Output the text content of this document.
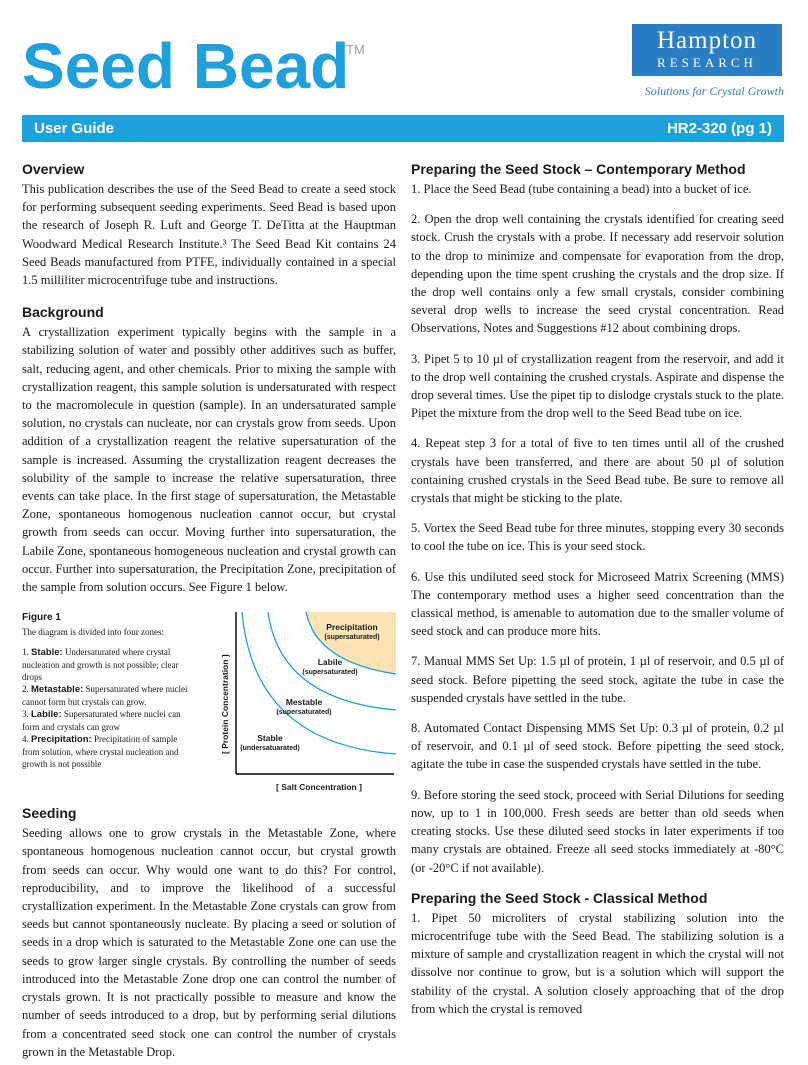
Seed Bead
TM	Hampton
RESEARCH
Solutions for Crystal Growth
User Guide	HR2-320 (pg 1)
Overview

This publication describes the use of the Seed Bead to create a seed stock for performing subsequent seeding experiments. Seed Bead is based upon the research of Joseph R. Luft and George T. DeTitta at the Hauptman Woodward Medical Research Institute.³ The Seed Bead Kit contains 24 Seed Beads manufactured from PTFE, individually contained in a special 1.5 milliliter microcentrifuge tube and instructions.

Background

A crystallization experiment typically begins with the sample in a stabilizing solution of water and possibly other additives such as buffer, salt, reducing agent, and other chemicals. Prior to mixing the sample with crystallization reagent, this sample solution is undersaturated with respect to the macromolecule in question (sample). In an undersaturated sample solution, no crystals can nucleate, nor can crystals grow from seeds. Upon addition of a crystallization reagent the relative supersaturation of the sample is increased. Assuming the crystallization reagent decreases the solubility of the sample to increase the relative supersaturation, three events can take place. In the first stage of supersaturation, the Metastable Zone, spontaneous homogenous nucleation cannot occur, but crystal growth from seeds can occur. Moving further into supersaturation, the Labile Zone, spontaneous homogeneous nucleation and crystal growth can occur. Further into supersaturation, the Precipitation Zone, precipitation of the sample from solution occurs. See Figure 1 below.

Figure 1
The diagram is divided into four zones:
1. Stable: Undersaturated where crystal nucleation and growth is not possible; clear drops
2. Metastable: Supersaturated where nuclei cannot form but crystals can grow.
3. Labile: Supersaturated where nuclei can form and crystals can grow
4. Precipitation: Precipitation of sample from solution, where crystal nucleation and growth is not possible
[ Protein Concentration ]
[ Salt Concentration ]
Precipitation
(supersaturated)
Labile
(supersaturated)
Mestable
(supersaturated)
Stable
(undersatuarated)
Seeding

Seeding allows one to grow crystals in the Metastable Zone, where spontaneous homogenous nucleation cannot occur, but crystal growth from seeds can occur. Why would one want to do this? For control, reproducibility, and to improve the likelihood of a successful crystallization experiment. In the Metastable Zone crystals can grow from seeds but cannot spontaneously nucleate. By placing a seed or solution of seeds in a drop which is saturated to the Metastable Zone one can use the seeds to grow larger single crystals. By controlling the number of seeds introduced into the Metastable Zone drop one can control the number of crystals grown. It is not practically possible to measure and know the number of seeds introduced to a drop, but by performing serial dilutions from a concentrated seed stock one can control the number of crystals grown in the Metastable Drop.

Preparing the Seed Stock – Contemporary Method

1. Place the Seed Bead (tube containing a bead) into a bucket of ice.

2. Open the drop well containing the crystals identified for creating seed stock. Crush the crystals with a probe. If necessary add reservoir solution to the drop to minimize and compensate for evaporation from the drop, depending upon the time spent crushing the crystals and the drop size. If the drop well contains only a few small crystals, consider combining several drop wells to increase the seed crystal concentration. Read Observations, Notes and Suggestions #12 about combining drops.

3. Pipet 5 to 10 µl of crystallization reagent from the reservoir, and add it to the drop well containing the crushed crystals. Aspirate and dispense the drop several times. Use the pipet tip to dislodge crystals stuck to the plate. Pipet the mixture from the drop well to the Seed Bead tube on ice.

4. Repeat step 3 for a total of five to ten times until all of the crushed crystals have been transferred, and there are about 50 µl of solution containing crushed crystals in the Seed Bead tube. Be sure to remove all crystals that might be sticking to the plate.

5. Vortex the Seed Bead tube for three minutes, stopping every 30 seconds to cool the tube on ice. This is your seed stock.

6. Use this undiluted seed stock for Microseed Matrix Screening (MMS) The contemporary method uses a higher seed concentration than the classical method, is amenable to automation due to the smaller volume of seed stock and can produce more hits.

7. Manual MMS Set Up: 1.5 µl of protein, 1 µl of reservoir, and 0.5 µl of seed stock. Before pipetting the seed stock, agitate the tube in case the suspended crystals have settled in the tube.

8. Automated Contact Dispensing MMS Set Up: 0.3 µl of protein, 0.2 µl of reservoir, and 0.1 µl of seed stock. Before pipetting the seed stock, agitate the tube in case the suspended crystals have settled in the tube.

9. Before storing the seed stock, proceed with Serial Dilutions for seeding now, up to 1 in 100,000. Fresh seeds are better than old seeds when creating stocks. Use these diluted seed stocks in later experiments if too many crystals are obtained. Freeze all seed stocks immediately at -80°C (or -20°C if not available).

Preparing the Seed Stock - Classical Method

1. Pipet 50 microliters of crystal stabilizing solution into the microcentrifuge tube with the Seed Bead. The stabilizing solution is a mixture of sample and crystallization reagent in which the crystal will not dissolve nor continue to grow, but is a solution which will support the stability of the crystal. A solution closely approaching that of the drop from which the crystal is removed
